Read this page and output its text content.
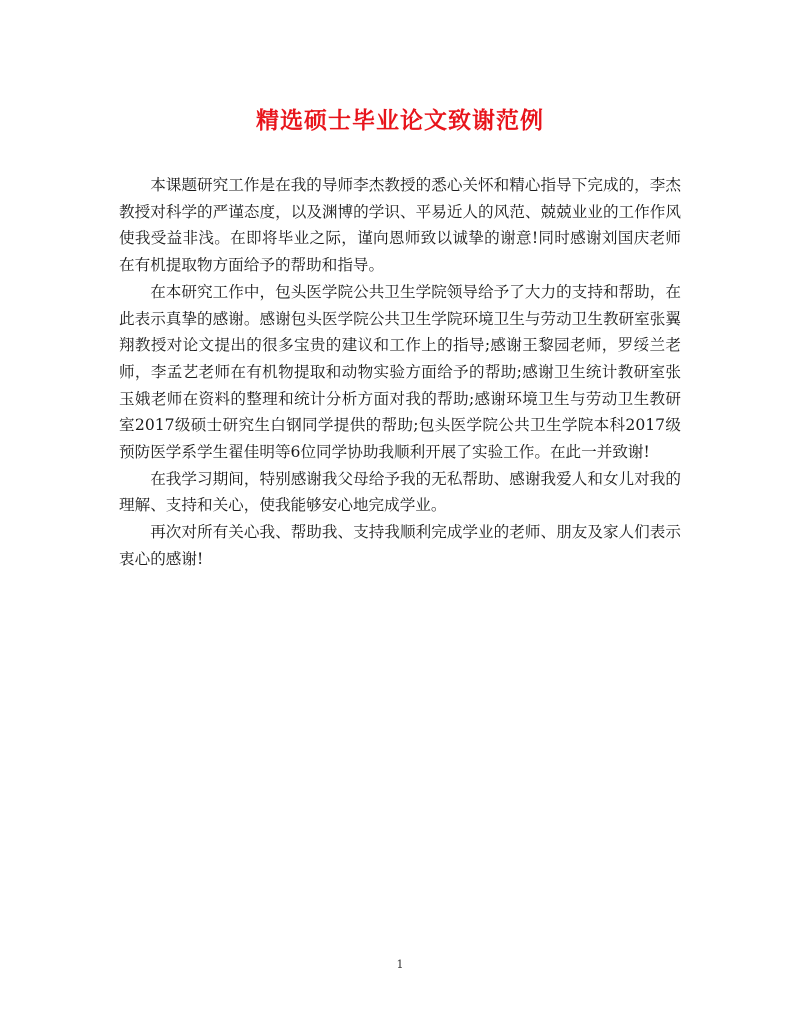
精选硕士毕业论文致谢范例

本课题研究工作是在我的导师李杰教授的悉心关怀和精心指导下完成的，李杰教授对科学的严谨态度，以及渊博的学识、平易近人的风范、兢兢业业的工作作风使我受益非浅。在即将毕业之际，谨向恩师致以诚挚的谢意!同时感谢刘国庆老师在有机提取物方面给予的帮助和指导。

在本研究工作中，包头医学院公共卫生学院领导给予了大力的支持和帮助，在此表示真挚的感谢。感谢包头医学院公共卫生学院环境卫生与劳动卫生教研室张翼翔教授对论文提出的很多宝贵的建议和工作上的指导;感谢王黎园老师，罗绥兰老师，李孟艺老师在有机物提取和动物实验方面给予的帮助;感谢卫生统计教研室张玉娥老师在资料的整理和统计分析方面对我的帮助;感谢环境卫生与劳动卫生教研室2017级硕士研究生白钢同学提供的帮助;包头医学院公共卫生学院本科2017级预防医学系学生翟佳明等6位同学协助我顺利开展了实验工作。在此一并致谢!

在我学习期间，特别感谢我父母给予我的无私帮助、感谢我爱人和女儿对我的理解、支持和关心，使我能够安心地完成学业。

再次对所有关心我、帮助我、支持我顺利完成学业的老师、朋友及家人们表示衷心的感谢!

1
